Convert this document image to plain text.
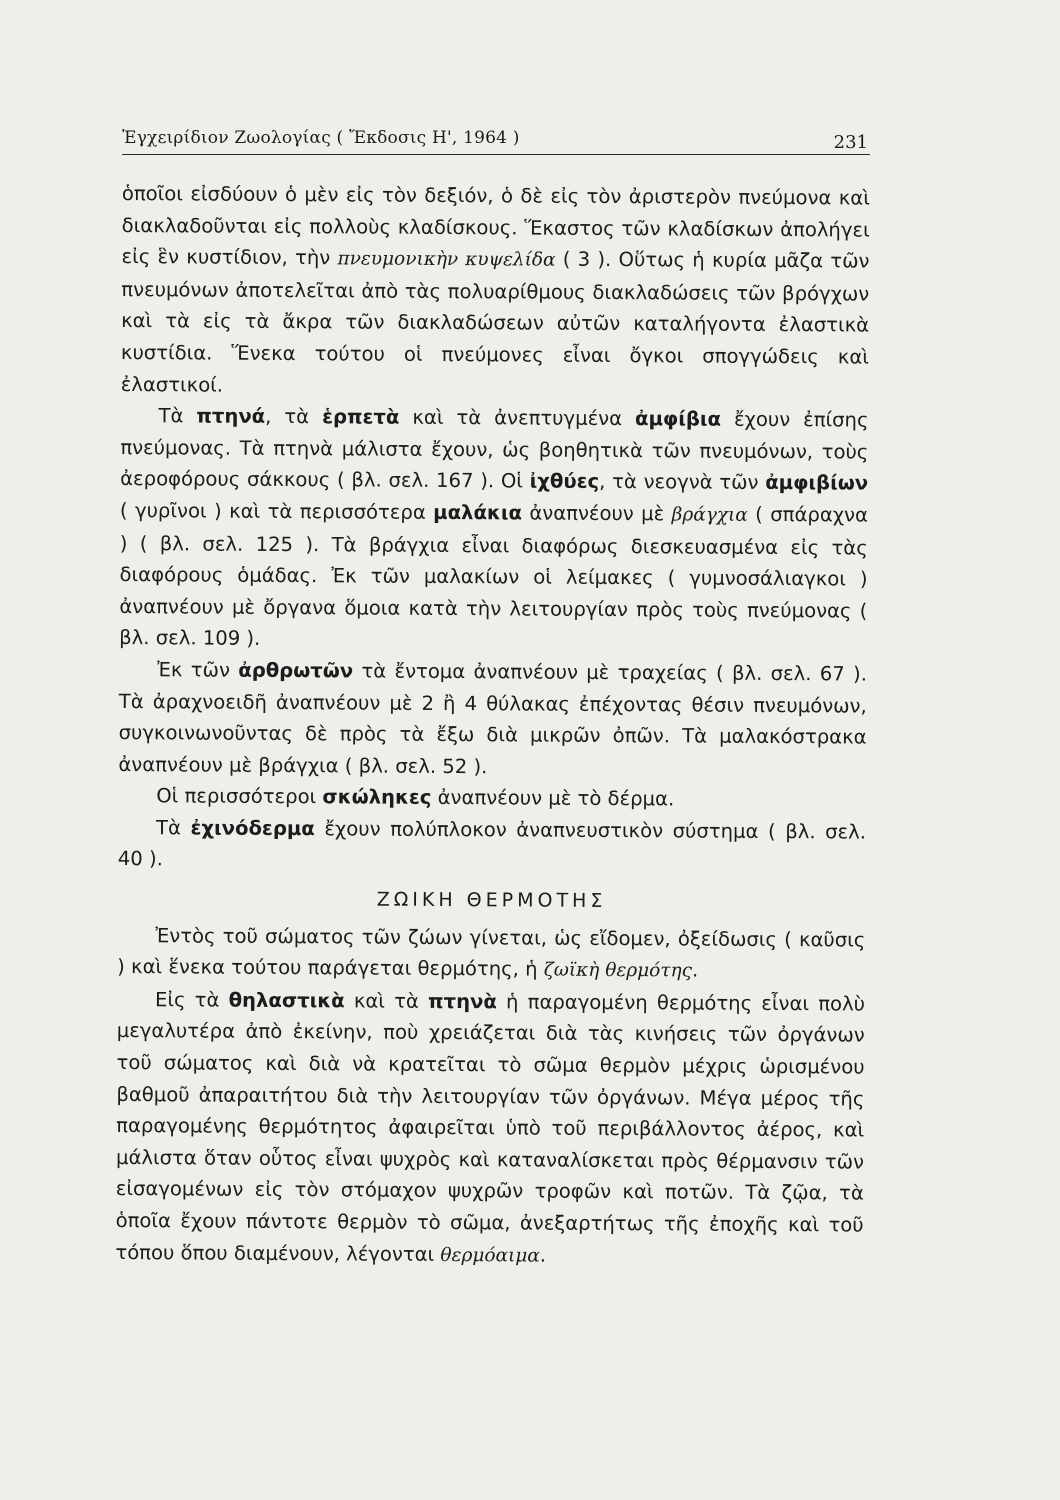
Ἐγχειρίδιον Ζωολογίας ( Ἔκδοσις Η', 1964 )	231

ὁποῖοι εἰσδύουν ὁ μὲν εἰς τὸν δεξιόν, ὁ δὲ εἰς τὸν ἀριστερὸν πνεύμονα καὶ διακλαδοῦνται εἰς πολλοὺς κλαδίσκους. Ἕκαστος τῶν κλαδίσκων ἀπολήγει εἰς ἓν κυστίδιον, τὴν πνευμονικὴν κυψελίδα ( 3 ). Οὕτως ἡ κυρία μᾶζα τῶν πνευμόνων ἀποτελεῖται ἀπὸ τὰς πολυαρίθμους διακλαδώσεις τῶν βρόγχων καὶ τὰ εἰς τὰ ἄκρα τῶν διακλαδώσεων αὐτῶν καταλήγοντα ἐλαστικὰ κυστίδια. Ἕνεκα τούτου οἱ πνεύμονες εἶναι ὄγκοι σπογγώδεις καὶ ἐλαστικοί.

Τὰ πτηνά, τὰ ἑρπετὰ καὶ τὰ ἀνεπτυγμένα ἀμφίβια ἔχουν ἐπίσης πνεύμονας. Τὰ πτηνὰ μάλιστα ἔχουν, ὡς βοηθητικὰ τῶν πνευμόνων, τοὺς ἀεροφόρους σάκκους ( βλ. σελ. 167 ). Οἱ ἰχθύες, τὰ νεογνὰ τῶν ἀμφιβίων ( γυρῖνοι ) καὶ τὰ περισσότερα μαλάκια ἀναπνέουν μὲ βράγχια ( σπάραχνα ) ( βλ. σελ. 125 ). Τὰ βράγχια εἶναι διαφόρως διεσκευασμένα εἰς τὰς διαφόρους ὁμάδας. Ἐκ τῶν μαλακίων οἱ λείμακες ( γυμνοσάλιαγκοι ) ἀναπνέουν μὲ ὄργανα ὅμοια κατὰ τὴν λειτουργίαν πρὸς τοὺς πνεύμονας ( βλ. σελ. 109 ).

Ἐκ τῶν ἀρθρωτῶν τὰ ἔντομα ἀναπνέουν μὲ τραχείας ( βλ. σελ. 67 ). Τὰ ἀραχνοειδῆ ἀναπνέουν μὲ 2 ἢ 4 θύλακας ἐπέχοντας θέσιν πνευμόνων, συγκοινωνοῦντας δὲ πρὸς τὰ ἔξω διὰ μικρῶν ὀπῶν. Τὰ μαλακόστρακα ἀναπνέουν μὲ βράγχια ( βλ. σελ. 52 ).

Οἱ περισσότεροι σκώληκες ἀναπνέουν μὲ τὸ δέρμα.

Τὰ ἐχινόδερμα ἔχουν πολύπλοκον ἀναπνευστικὸν σύστημα ( βλ. σελ. 40 ).

ΖΩΙΚΗ ΘΕΡΜΟΤΗΣ

Ἐντὸς τοῦ σώματος τῶν ζώων γίνεται, ὡς εἴδομεν, ὀξείδωσις ( καῦσις ) καὶ ἕνεκα τούτου παράγεται θερμότης, ἡ ζωϊκὴ θερμότης.

Εἰς τὰ θηλαστικὰ καὶ τὰ πτηνὰ ἡ παραγομένη θερμότης εἶναι πολὺ μεγαλυτέρα ἀπὸ ἐκείνην, ποὺ χρειάζεται διὰ τὰς κινήσεις τῶν ὀργάνων τοῦ σώματος καὶ διὰ νὰ κρατεῖται τὸ σῶμα θερμὸν μέχρις ὡρισμένου βαθμοῦ ἀπαραιτήτου διὰ τὴν λειτουργίαν τῶν ὀργάνων. Μέγα μέρος τῆς παραγομένης θερμότητος ἀφαιρεῖται ὑπὸ τοῦ περιβάλλοντος ἀέρος, καὶ μάλιστα ὅταν οὗτος εἶναι ψυχρὸς καὶ καταναλίσκεται πρὸς θέρμανσιν τῶν εἰσαγομένων εἰς τὸν στόμαχον ψυχρῶν τροφῶν καὶ ποτῶν. Τὰ ζῷα, τὰ ὁποῖα ἔχουν πάντοτε θερμὸν τὸ σῶμα, ἀνεξαρτήτως τῆς ἐποχῆς καὶ τοῦ τόπου ὅπου διαμένουν, λέγονται θερμόαιμα.
